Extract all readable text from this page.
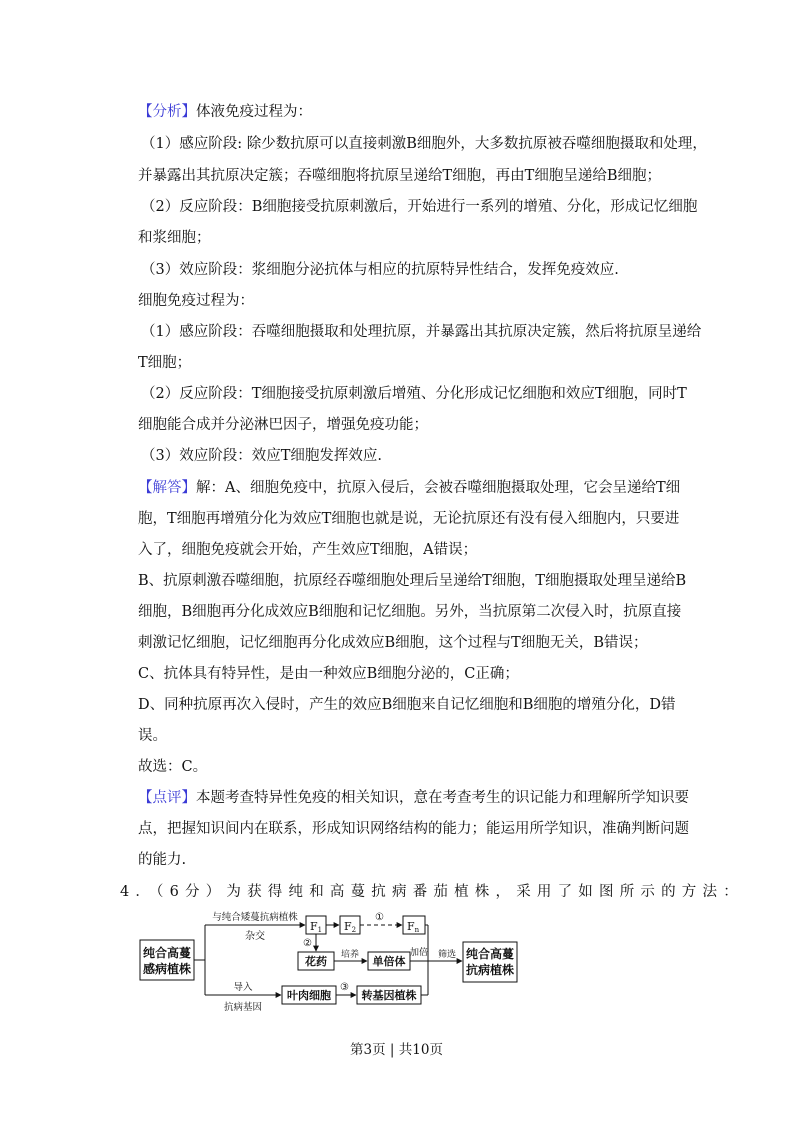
【分析】体液免疫过程为：
（1）感应阶段: 除少数抗原可以直接刺激B细胞外，大多数抗原被吞噬细胞摄取和处理，
并暴露出其抗原决定簇；吞噬细胞将抗原呈递给T细胞，再由T细胞呈递给B细胞；
（2）反应阶段：B细胞接受抗原刺激后，开始进行一系列的增殖、分化，形成记忆细胞
和浆细胞；
（3）效应阶段：浆细胞分泌抗体与相应的抗原特异性结合，发挥免疫效应.
细胞免疫过程为：
（1）感应阶段：吞噬细胞摄取和处理抗原，并暴露出其抗原决定簇，然后将抗原呈递给
T细胞；
（2）反应阶段：T细胞接受抗原刺激后增殖、分化形成记忆细胞和效应T细胞，同时T
细胞能合成并分泌淋巴因子，增强免疫功能；
（3）效应阶段：效应T细胞发挥效应.
【解答】解：A、细胞免疫中，抗原入侵后，会被吞噬细胞摄取处理，它会呈递给T细
胞，T细胞再增殖分化为效应T细胞也就是说，无论抗原还有没有侵入细胞内，只要进
入了，细胞免疫就会开始，产生效应T细胞，A错误；
B、抗原刺激吞噬细胞，抗原经吞噬细胞处理后呈递给T细胞，T细胞摄取处理呈递给B
细胞，B细胞再分化成效应B细胞和记忆细胞。另外，当抗原第二次侵入时，抗原直接
刺激记忆细胞，记忆细胞再分化成效应B细胞，这个过程与T细胞无关，B错误；
C、抗体具有特异性，是由一种效应B细胞分泌的，C正确；
D、同种抗原再次入侵时，产生的效应B细胞来自记忆细胞和B细胞的增殖分化，D错
误。
故选：C。
【点评】本题考查特异性免疫的相关知识，意在考查考生的识记能力和理解所学知识要
点，把握知识间内在联系，形成知识网络结构的能力；能运用所学知识，准确判断问题
的能力.
4．（6分）为获得纯和高蔓抗病番茄植株，采用了如图所示的方法：
纯合高蔓
感病植株
与纯合矮蔓抗病植株
杂交
F1 F2	Fn
①
②
③
花药 培养 单倍体
加倍 筛选 纯合高蔓
抗病植株
导入
抗病基因
叶肉细胞	转基因植株
第3页 | 共10页
